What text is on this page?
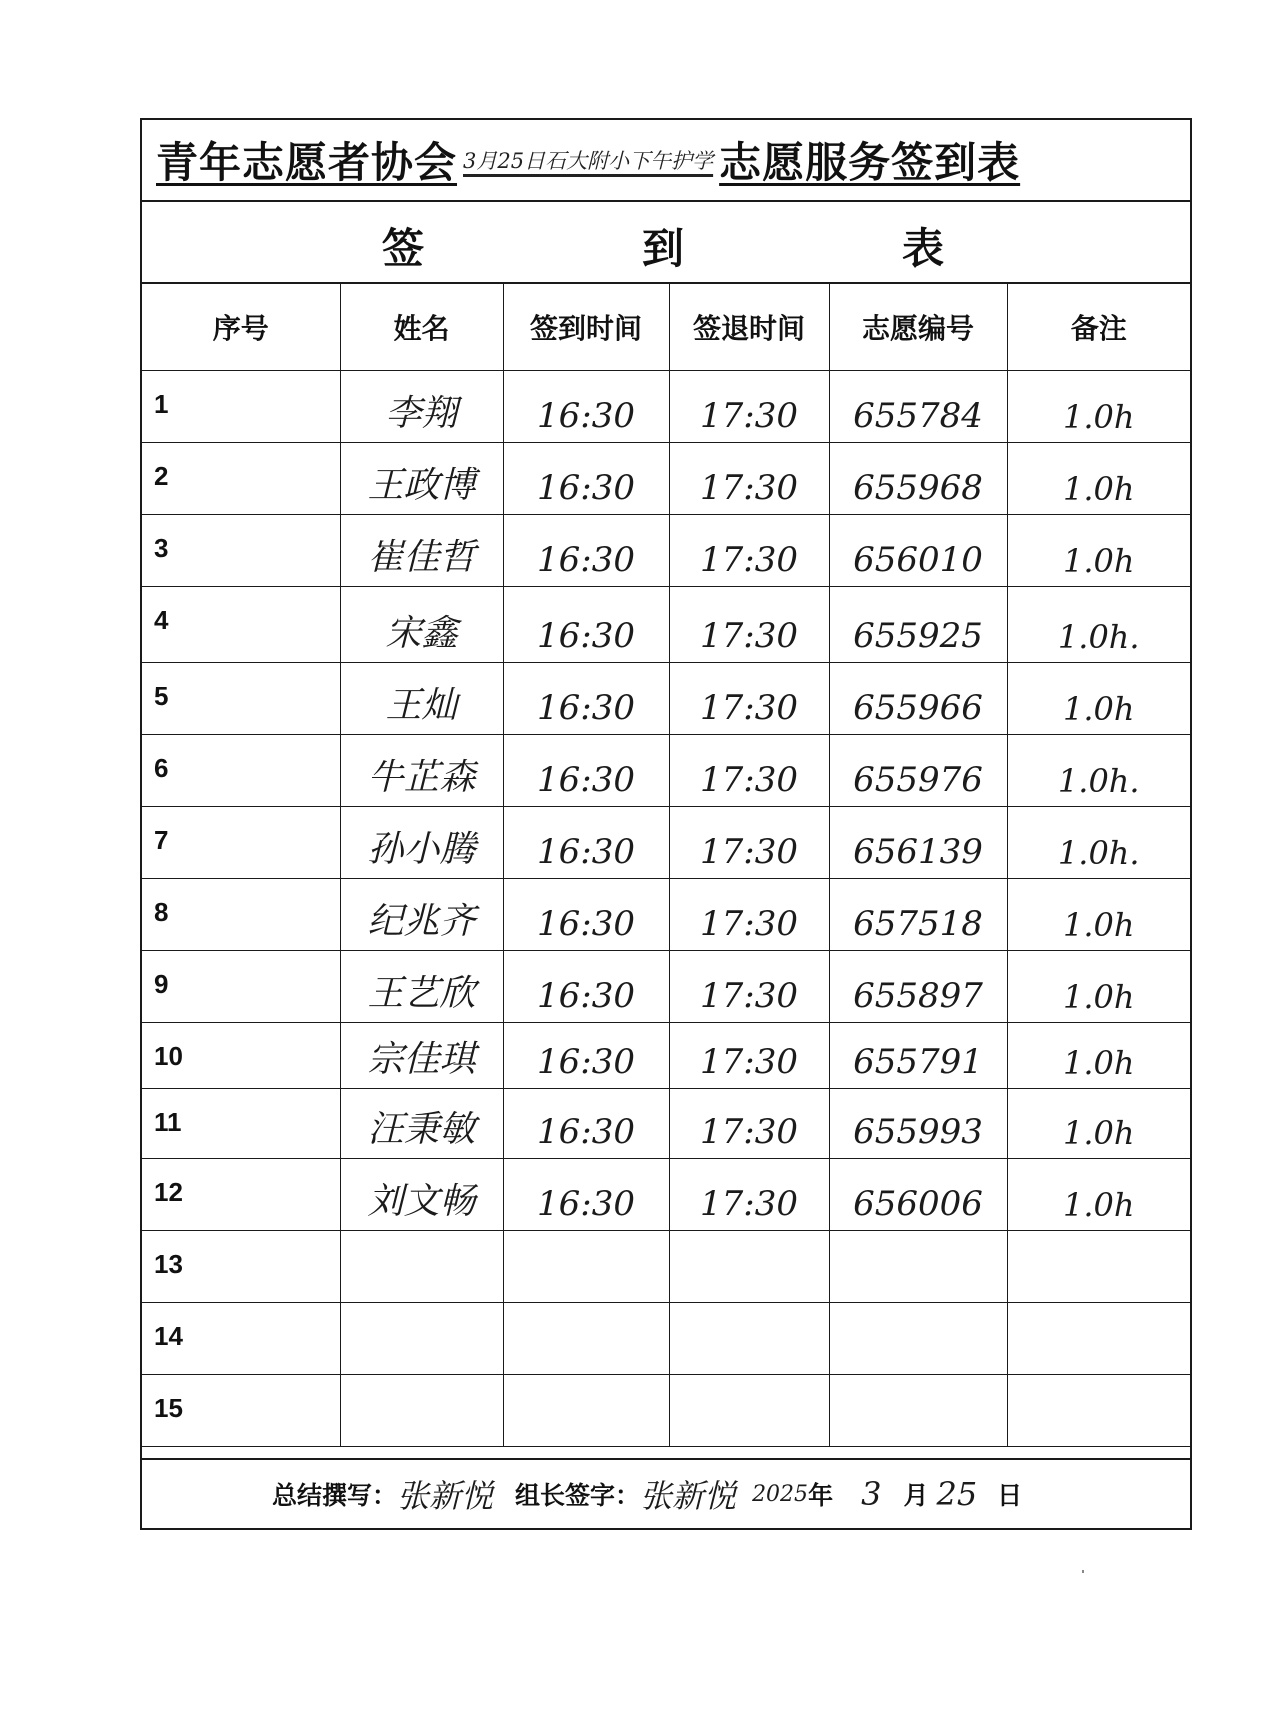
青年志愿者协会 3月25日石大附小下午护学 志愿服务签到表
签	到	表
序号	姓名	签到时间	签退时间	志愿编号	备注
1	李翔	16:30	17:30	655784	1.0h
2	王政博	16:30	17:30	655968	1.0h
3	崔佳哲	16:30	17:30	656010	1.0h
4	宋鑫	16:30	17:30	655925	1.0h.
5	王灿	16:30	17:30	655966	1.0h
6	牛芷森	16:30	17:30	655976	1.0h.
7	孙小腾	16:30	17:30	656139	1.0h.
8	纪兆齐	16:30	17:30	657518	1.0h
9	王艺欣	16:30	17:30	655897	1.0h
10	宗佳琪	16:30	17:30	655791	1.0h
11	汪秉敏	16:30	17:30	655993	1.0h
12	刘文畅	16:30	17:30	656006	1.0h
13					
14					
15					
总结撰写： 张新悦 组长签字： 张新悦 2025 年 3 月 25 日
